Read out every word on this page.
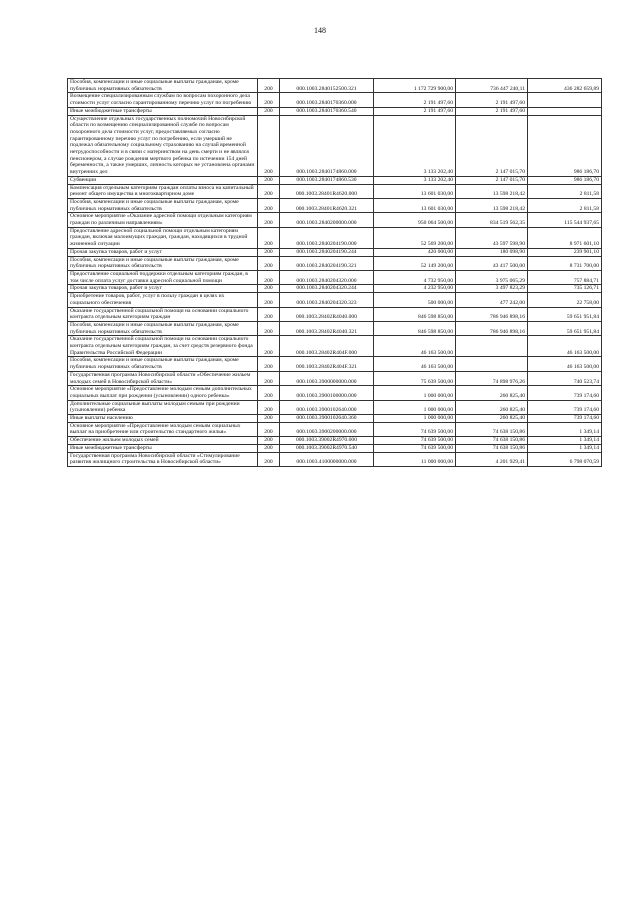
148
Пособия, компенсации и иные социальные выплаты гражданам, кроме публичных нормативных обязательств	200	000.1003.2840152500.321	1 172 729 900,00	736 447 240,11	436 282 659,89
Возмещение специализированным службам по вопросам похоронного дела стоимости услуг согласно гарантированному перечню услуг по погребению	200	000.1003.2840170360.000	2 191 497,60	2 191 497,60	
Иные межбюджетные трансферты	200	000.1003.2840170360.540	2 191 497,60	2 191 497,60	
Осуществление отдельных государственных полномочий Новосибирской области по возмещению специализированной службе по вопросам похоронного дела стоимости услуг, предоставляемых согласно гарантированному перечню услуг по погребению, если умерший не подлежал обязательному социальному страхованию на случай временной нетрудоспособности и в связи с материнством на день смерти и не являлся пенсионером, а случае рождения мертвого ребенка по истечении 154 дней беременности, а также умерших, личность которых не установлена органами внутренних дел	200	000.1003.2840174860.000	3 133 202,40	2 147 015,70	986 186,70
Субвенции	200	000.1003.2840174860.530	3 133 202,40	2 147 015,70	986 186,70
Компенсация отдельным категориям граждан оплаты взноса на капитальный ремонт общего имущества в многоквартирном доме	200	000.1003.28401R4620.000	13 601 030,00	13 598 218,42	2 811,58
Пособия, компенсации и иные социальные выплаты гражданам, кроме публичных нормативных обязательств	200	000.1003.28401R4620.321	13 601 030,00	13 598 218,42	2 811,58
Основное мероприятие «Оказание адресной помощи отдельным категориям граждан по различным направлениям»	200	000.1003.2840200000.000	950 064 500,00	834 519 562,35	115 544 937,65
Предоставление адресной социальной помощи отдельным категориям граждан, включая малоимущих граждан, граждан, находящихся в трудной жизненной ситуации	200	000.1003.2840204190.000	52 569 200,00	43 597 598,90	8 971 601,10
Прочая закупка товаров, работ и услуг	200	000.1003.2840204190.244	420 000,00	180 098,90	239 901,10
Пособия, компенсации и иные социальные выплаты гражданам, кроме публичных нормативных обязательств	200	000.1003.2840204190.321	52 149 200,00	43 417 500,00	8 731 700,00
Предоставление социальной поддержки отдельным категориям граждан, в том числе оплата услуг доставки адресной социальной помощи	200	000.1003.2840204320.000	4 732 950,00	3 975 065,29	757 884,71
Прочая закупка товаров, работ и услуг	200	000.1003.2840204320.244	4 232 950,00	3 497 823,29	735 126,71
Приобретение товаров, работ, услуг в пользу граждан в целях их социального обеспечения	200	000.1003.2840204320.323	500 000,00	477 242,00	22 758,00
Оказание государственной социальной помощи на основании социального контракта отдельным категориям граждан	200	000.1003.28402R4040.000	846 598 850,00	786 946 898,16	59 651 951,84
Пособия, компенсации и иные социальные выплаты гражданам, кроме публичных нормативных обязательств	200	000.1003.28402R4040.321	846 598 850,00	786 946 898,16	59 651 951,84
Оказание государственной социальной помощи на основании социального контракта отдельным категориям граждан, за счет средств резервного фонда Правительства Российской Федерации	200	000.1003.28402R404F.000	46 163 500,00		46 163 500,00
Пособия, компенсации и иные социальные выплаты гражданам, кроме публичных нормативных обязательств	200	000.1003.28402R404F.321	46 163 500,00		46 163 500,00
Государственная программа Новосибирской области «Обеспечение жильем молодых семей в Новосибирской области»	200	000.1003.3900000000.000	75 639 500,00	74 898 976,26	740 523,74
Основное мероприятие «Предоставление молодым семьям дополнительных социальных выплат при рождении (усыновлении) одного ребенка»	200	000.1003.3900100000.000	1 000 000,00	260 825,40	739 174,60
Дополнительные социальные выплаты молодым семьям при рождении (усыновлении) ребенка	200	000.1003.3900102640.000	1 000 000,00	260 825,40	739 174,60
Иные выплаты населению	200	000.1003.3900102640.360	1 000 000,00	260 825,40	739 174,60
Основное мероприятие «Предоставление молодым семьям социальных выплат на приобретение или строительство стандартного жилья»	200	000.1003.3900200000.000	74 639 500,00	74 638 150,86	1 349,14
Обеспечение жильем молодых семей	200	000.1003.39002R4970.000	74 639 500,00	74 638 150,86	1 349,14
Иные межбюджетные трансферты	200	000.1003.39002R4970.540	74 639 500,00	74 638 150,86	1 349,14
Государственная программа Новосибирской области «Стимулирование развития жилищного строительства в Новосибирской области»	200	000.1003.4100000000.000	11 000 000,00	4 201 929,41	6 798 070,59
